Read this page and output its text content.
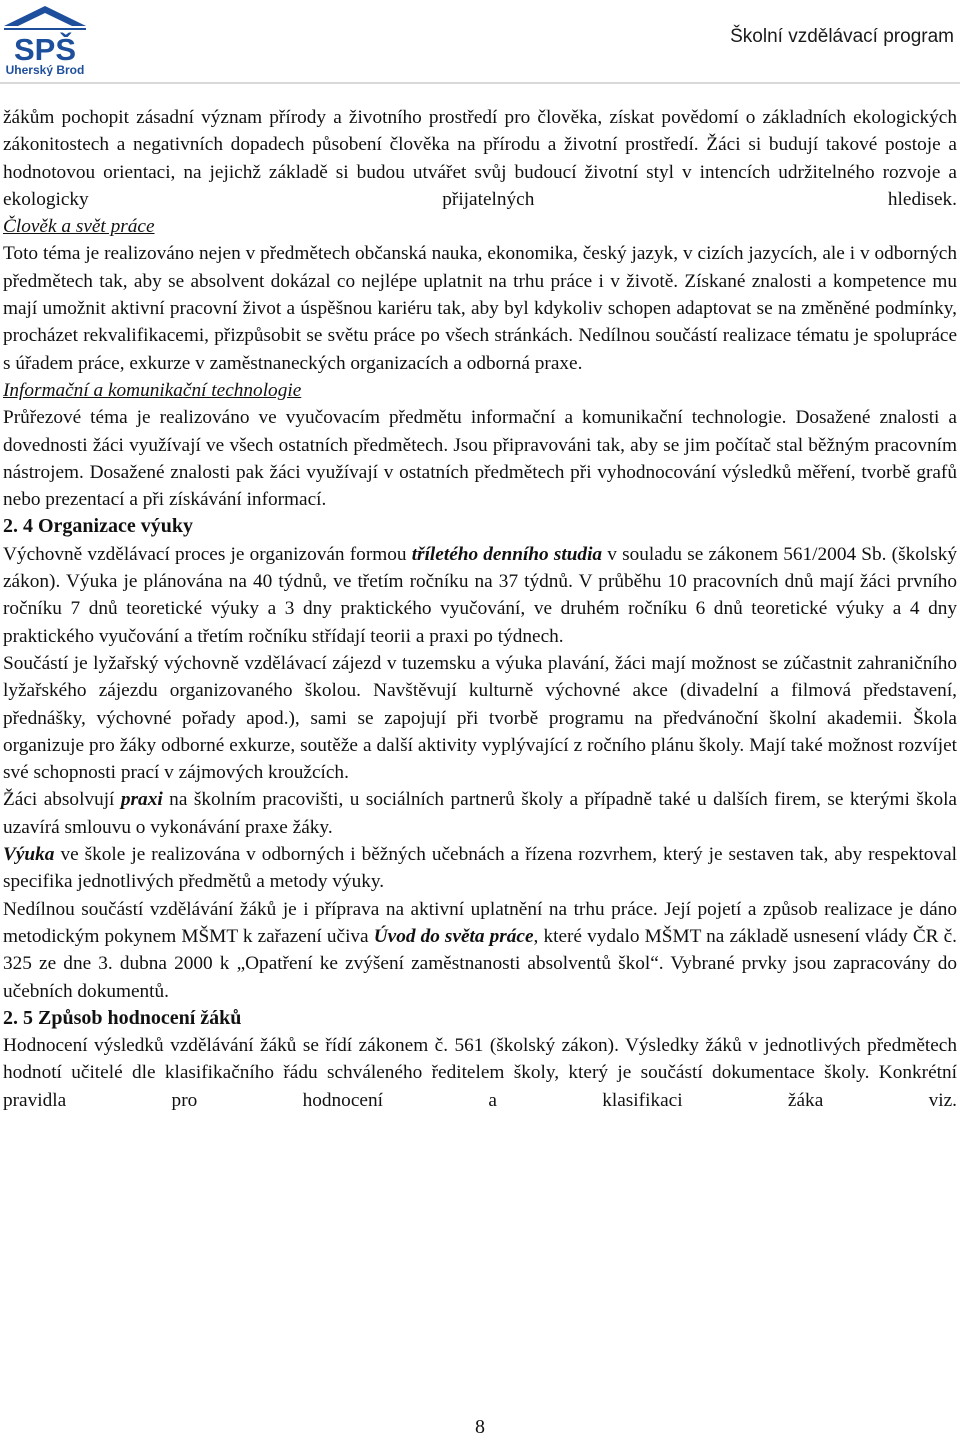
SPŠ
Uherský Brod
Školní vzdělávací program

žákům pochopit zásadní význam přírody a životního prostředí pro člověka, získat povědomí o základních ekologických zákonitostech a negativních dopadech působení člověka na přírodu a životní prostředí. Žáci si budují takové postoje a hodnotovou orientaci, na jejichž základě si budou utvářet svůj budoucí životní styl v intencích udržitelného rozvoje a ekologicky přijatelných hledisek.

Člověk a svět práce

Toto téma je realizováno nejen v předmětech občanská nauka, ekonomika, český jazyk, v cizích jazycích, ale i v odborných předmětech tak, aby se absolvent dokázal co nejlépe uplatnit na trhu práce i v životě. Získané znalosti a kompetence mu mají umožnit aktivní pracovní život a úspěšnou kariéru tak, aby byl kdykoliv schopen adaptovat se na změněné podmínky, procházet rekvalifikacemi, přizpůsobit se světu práce po všech stránkách. Nedílnou součástí realizace tématu je spolupráce s úřadem práce, exkurze v zaměstnaneckých organizacích a odborná praxe.

Informační a komunikační technologie

Průřezové téma je realizováno ve vyučovacím předmětu informační a komunikační technologie. Dosažené znalosti a dovednosti žáci využívají ve všech ostatních předmětech. Jsou připravováni tak, aby se jim počítač stal běžným pracovním nástrojem. Dosažené znalosti pak žáci využívají v ostatních předmětech při vyhodnocování výsledků měření, tvorbě grafů nebo prezentací a při získávání informací.

2. 4 Organizace výuky

Výchovně vzdělávací proces je organizován formou tříletého denního studia v souladu se zákonem 561/2004 Sb. (školský zákon). Výuka je plánována na 40 týdnů, ve třetím ročníku na 37 týdnů. V průběhu 10 pracovních dnů mají žáci prvního ročníku 7 dnů teoretické výuky a 3 dny praktického vyučování, ve druhém ročníku 6 dnů teoretické výuky a 4 dny praktického vyučování a třetím ročníku střídají teorii a praxi po týdnech.

Součástí je lyžařský výchovně vzdělávací zájezd v tuzemsku a výuka plavání, žáci mají možnost se zúčastnit zahraničního lyžařského zájezdu organizovaného školou. Navštěvují kulturně výchovné akce (divadelní a filmová představení, přednášky, výchovné pořady apod.), sami se zapojují při tvorbě programu na předvánoční školní akademii. Škola organizuje pro žáky odborné exkurze, soutěže a další aktivity vyplývající z ročního plánu školy. Mají také možnost rozvíjet své schopnosti prací v zájmových kroužcích.

Žáci absolvují praxi na školním pracovišti, u sociálních partnerů školy a případně také u dalších firem, se kterými škola uzavírá smlouvu o vykonávání praxe žáky.

Výuka ve škole je realizována v odborných i běžných učebnách a řízena rozvrhem, který je sestaven tak, aby respektoval specifika jednotlivých předmětů a metody výuky.

Nedílnou součástí vzdělávání žáků je i příprava na aktivní uplatnění na trhu práce. Její pojetí a způsob realizace je dáno metodickým pokynem MŠMT k zařazení učiva Úvod do světa práce, které vydalo MŠMT na základě usnesení vlády ČR č. 325 ze dne 3. dubna 2000 k „Opatření ke zvýšení zaměstnanosti absolventů škol“. Vybrané prvky jsou zapracovány do učebních dokumentů.

2. 5 Způsob hodnocení žáků

Hodnocení výsledků vzdělávání žáků se řídí zákonem č. 561 (školský zákon). Výsledky žáků v jednotlivých předmětech hodnotí učitelé dle klasifikačního řádu schváleného ředitelem školy, který je součástí dokumentace školy. Konkrétní pravidla pro hodnocení a klasifikaci žáka viz.

8
